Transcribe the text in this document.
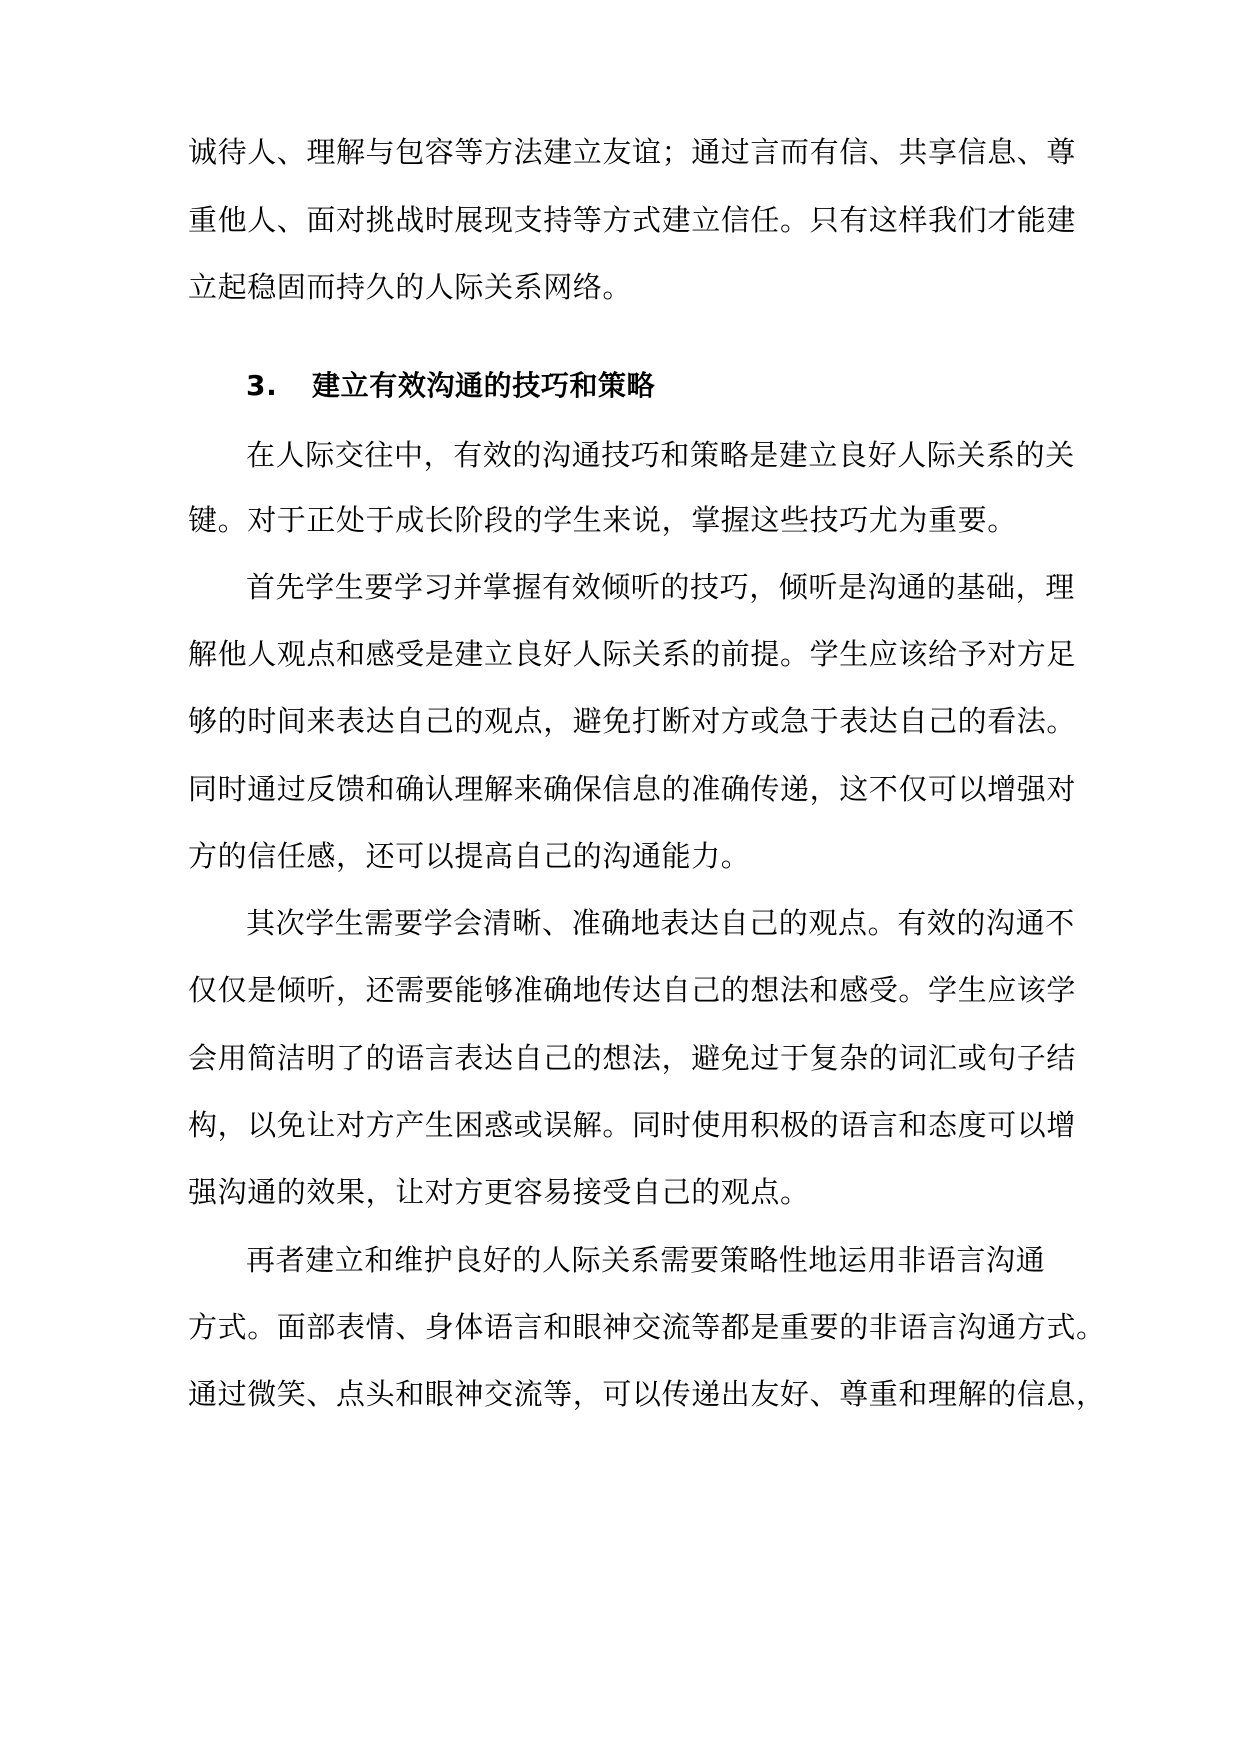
诚待人、理解与包容等方法建立友谊；通过言而有信、共享信息、尊
重他人、面对挑战时展现支持等方式建立信任。只有这样我们才能建
立起稳固而持久的人际关系网络。
3. 建立有效沟通的技巧和策略
在人际交往中，有效的沟通技巧和策略是建立良好人际关系的关
键。对于正处于成长阶段的学生来说，掌握这些技巧尤为重要。
首先学生要学习并掌握有效倾听的技巧，倾听是沟通的基础，理
解他人观点和感受是建立良好人际关系的前提。学生应该给予对方足
够的时间来表达自己的观点，避免打断对方或急于表达自己的看法。
同时通过反馈和确认理解来确保信息的准确传递，这不仅可以增强对
方的信任感，还可以提高自己的沟通能力。
其次学生需要学会清晰、准确地表达自己的观点。有效的沟通不
仅仅是倾听，还需要能够准确地传达自己的想法和感受。学生应该学
会用简洁明了的语言表达自己的想法，避免过于复杂的词汇或句子结
构，以免让对方产生困惑或误解。同时使用积极的语言和态度可以增
强沟通的效果，让对方更容易接受自己的观点。
再者建立和维护良好的人际关系需要策略性地运用非语言沟通
方式。面部表情、身体语言和眼神交流等都是重要的非语言沟通方式。
通过微笑、点头和眼神交流等，可以传递出友好、尊重和理解的信息，
